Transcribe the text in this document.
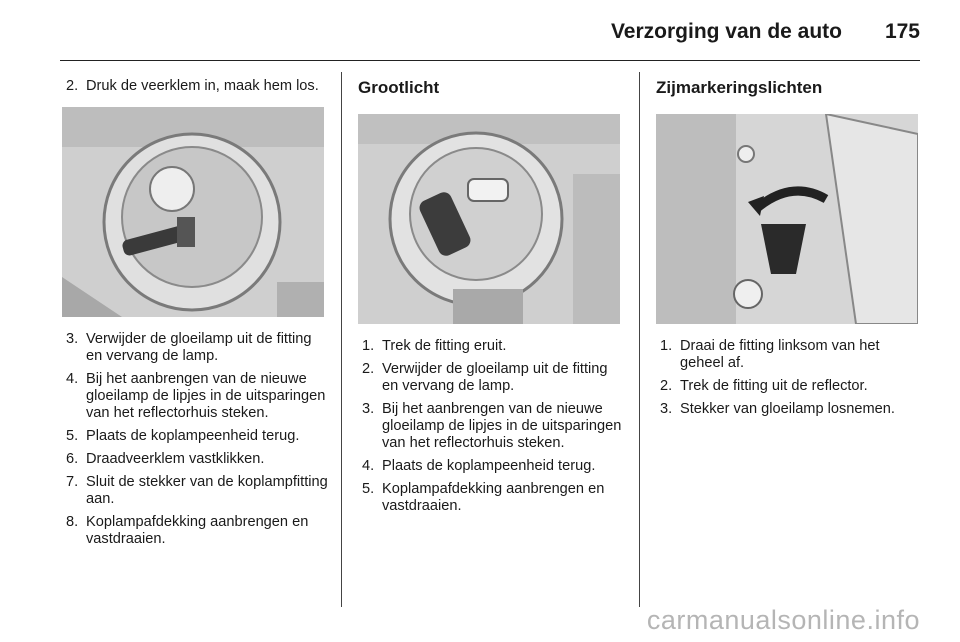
Verzorging van de auto 175
2. Druk de veerklem in, maak hem los.
3. Verwijder de gloeilamp uit de fitting en vervang de lamp.
4. Bij het aanbrengen van de nieuwe gloeilamp de lipjes in de uitsparingen van het reflectorhuis steken.
5. Plaats de koplampeenheid terug.
6. Draadveerklem vastklikken.
7. Sluit de stekker van de koplampfitting aan.
8. Koplampafdekking aanbrengen en vastdraaien.
Grootlicht
1. Trek de fitting eruit.
2. Verwijder de gloeilamp uit de fitting en vervang de lamp.
3. Bij het aanbrengen van de nieuwe gloeilamp de lipjes in de uitsparingen van het reflectorhuis steken.
4. Plaats de koplampeenheid terug.
5. Koplampafdekking aanbrengen en vastdraaien.
Zijmarkeringslichten
1. Draai de fitting linksom van het geheel af.
2. Trek de fitting uit de reflector.
3. Stekker van gloeilamp losnemen.
carmanualsonline.info
